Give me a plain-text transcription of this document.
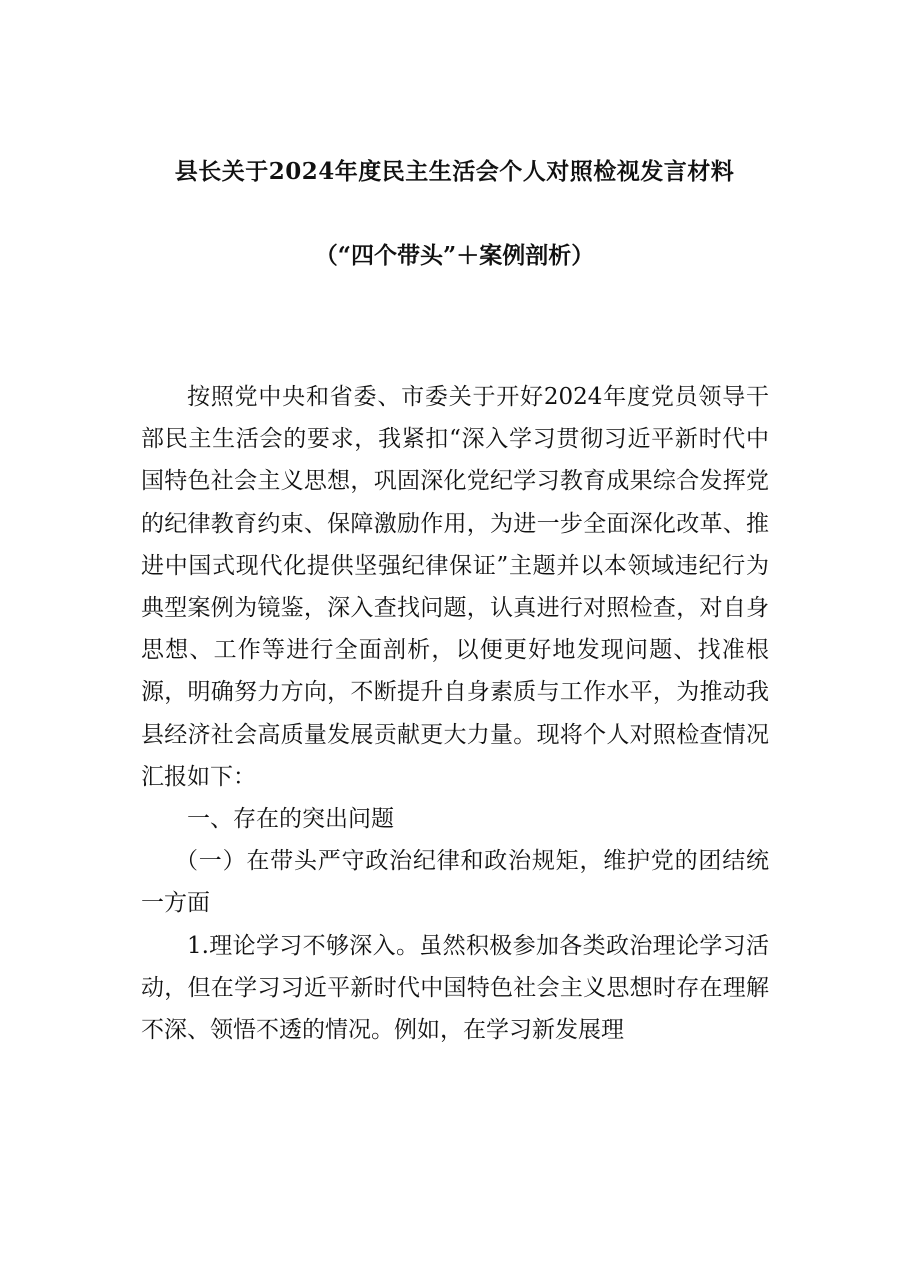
县长关于2024年度民主生活会个人对照检视发言材料
（“四个带头”＋案例剖析）

按照党中央和省委、市委关于开好2024年度党员领导干部民主生活会的要求，我紧扣“深入学习贯彻习近平新时代中国特色社会主义思想，巩固深化党纪学习教育成果综合发挥党的纪律教育约束、保障激励作用，为进一步全面深化改革、推进中国式现代化提供坚强纪律保证”主题并以本领域违纪行为典型案例为镜鉴，深入查找问题，认真进行对照检查，对自身思想、工作等进行全面剖析，以便更好地发现问题、找准根源，明确努力方向，不断提升自身素质与工作水平，为推动我县经济社会高质量发展贡献更大力量。现将个人对照检查情况汇报如下：

一、存在的突出问题

（一）在带头严守政治纪律和政治规矩，维护党的团结统一方面

1.理论学习不够深入。虽然积极参加各类政治理论学习活动，但在学习习近平新时代中国特色社会主义思想时存在理解不深、领悟不透的情况。例如，在学习新发展理
